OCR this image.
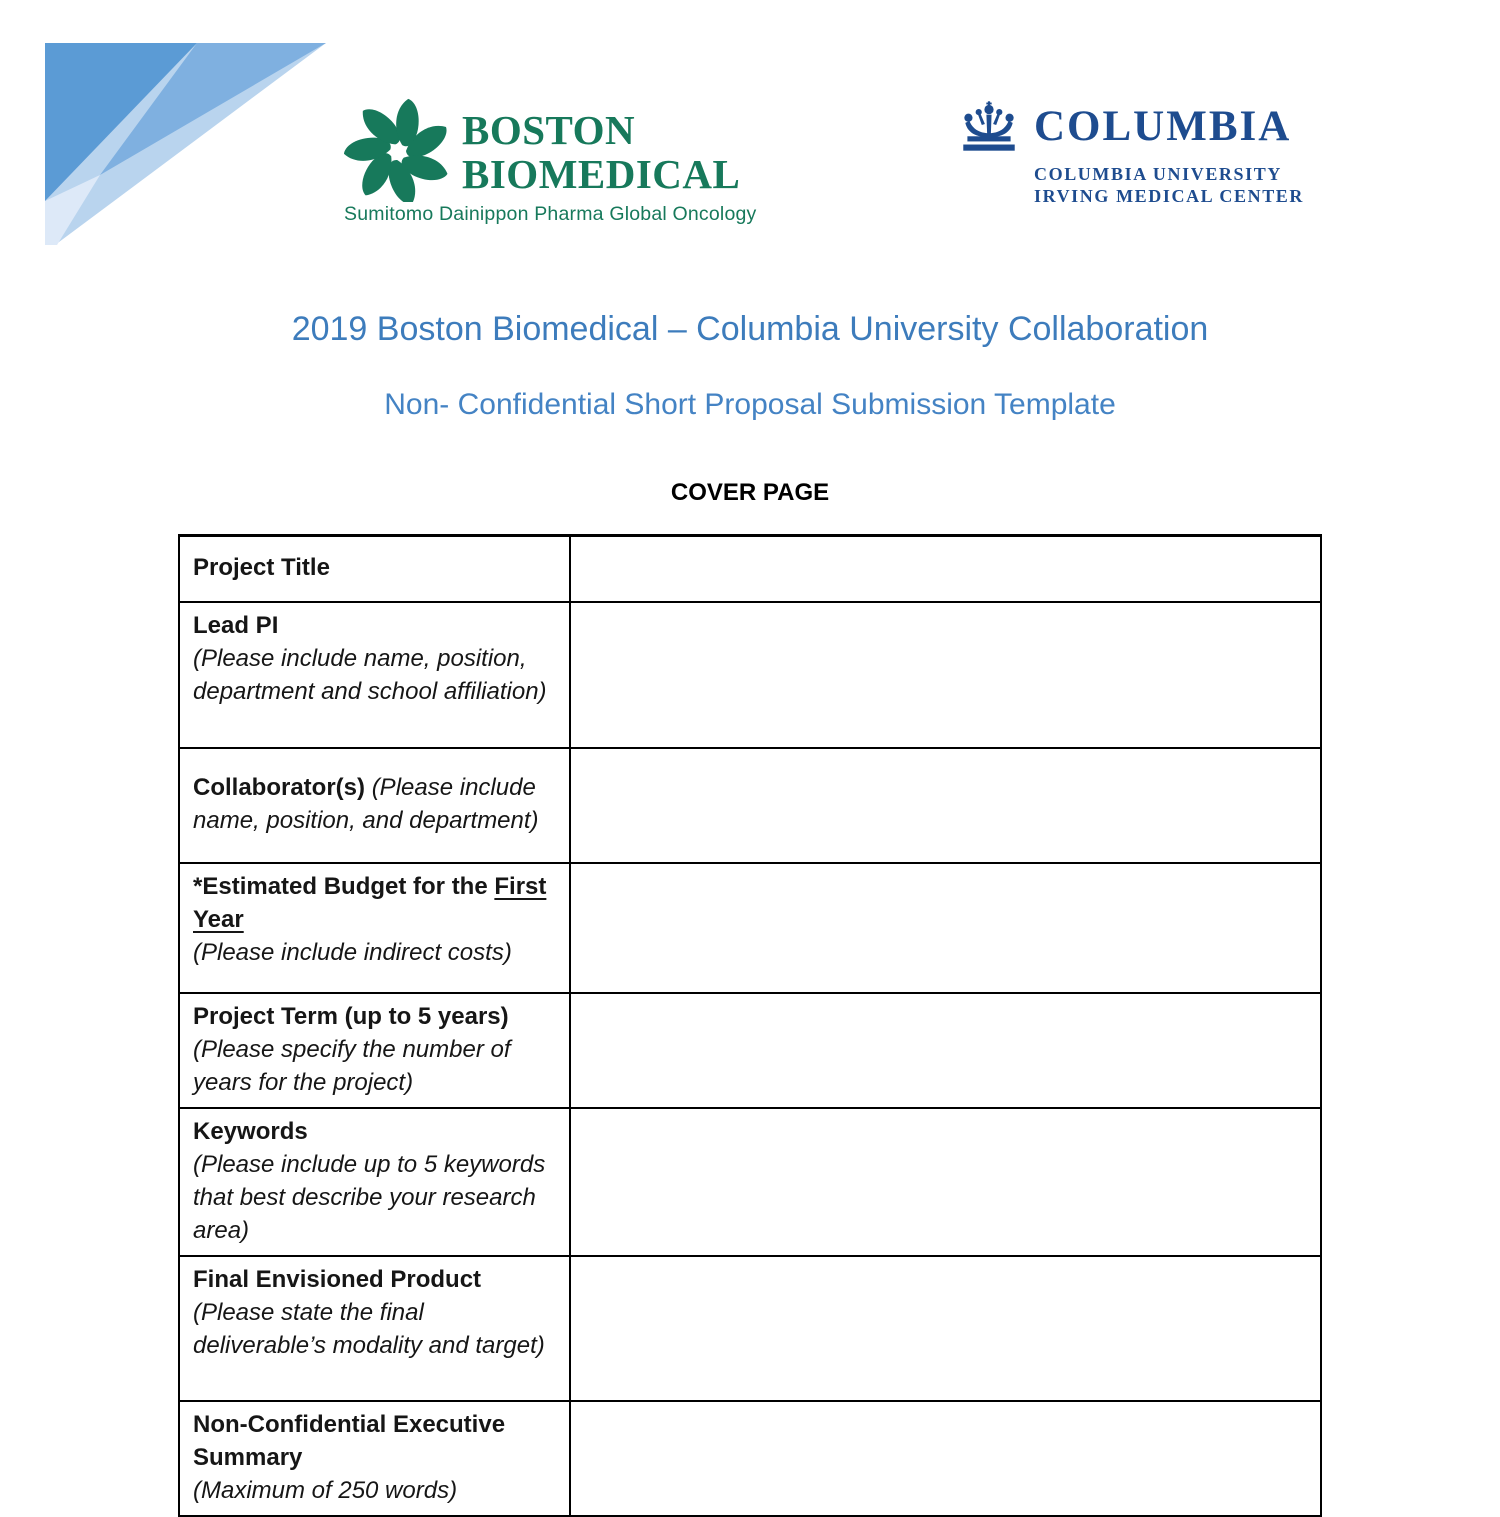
BOSTON
BIOMEDICAL
Sumitomo Dainippon Pharma Global Oncology
COLUMBIA
COLUMBIA UNIVERSITY
IRVING MEDICAL CENTER
2019 Boston Biomedical – Columbia University Collaboration
Non- Confidential Short Proposal Submission Template
COVER PAGE
Project Title	

Lead PI
(Please include name, position, department and school affiliation)	

Collaborator(s) (Please include name, position, and department)	

*Estimated Budget for the First Year
(Please include indirect costs)	

Project Term (up to 5 years)
(Please specify the number of years for the project)	

Keywords
(Please include up to 5 keywords that best describe your research area)	

Final Envisioned Product
(Please state the final deliverable’s modality and target)	

Non-Confidential Executive Summary
(Maximum of 250 words)	
